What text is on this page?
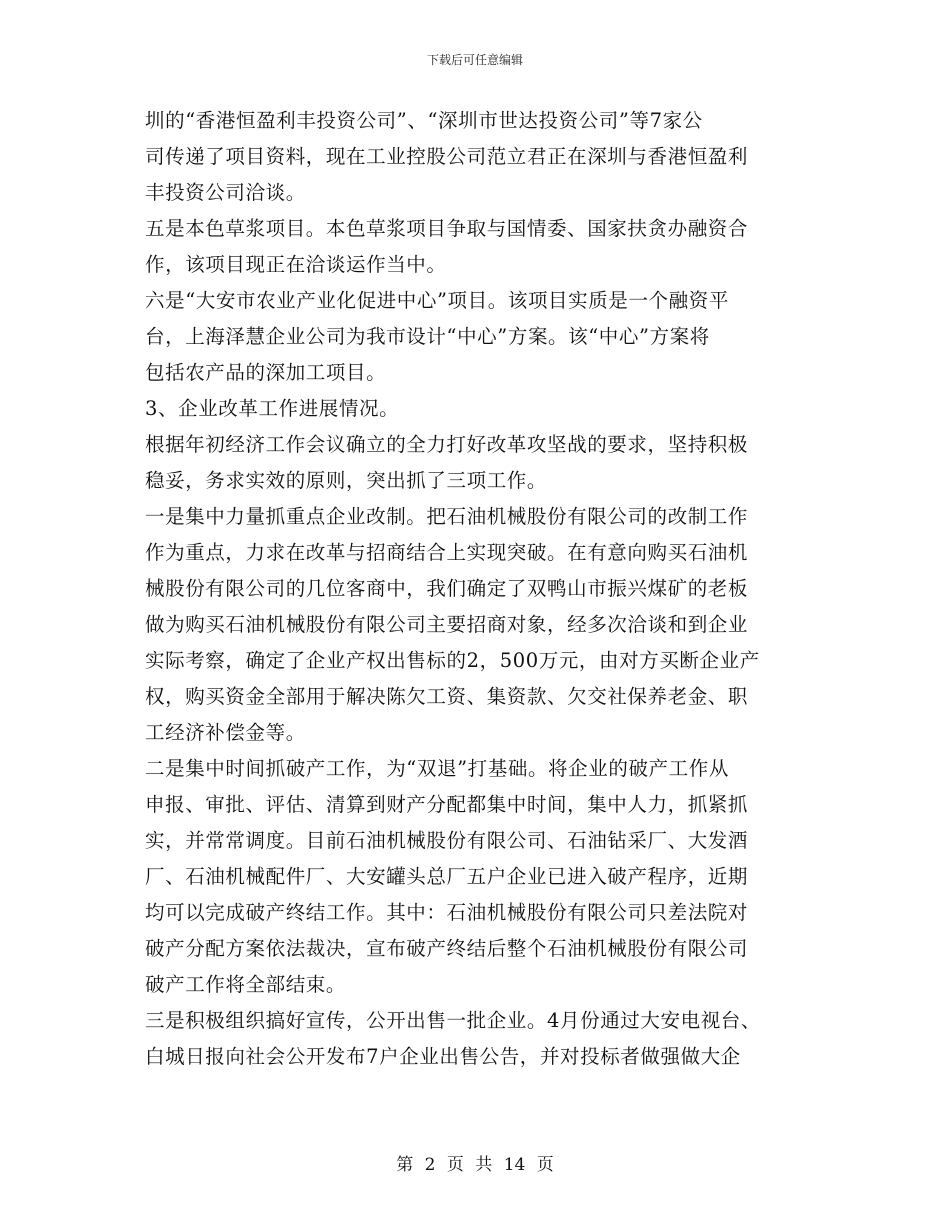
下载后可任意编辑
圳的“香港恒盈利丰投资公司”、“深圳市世达投资公司”等7家公
司传递了项目资料，现在工业控股公司范立君正在深圳与香港恒盈利
丰投资公司洽谈。
五是本色草浆项目。本色草浆项目争取与国情委、国家扶贪办融资合
作，该项目现正在洽谈运作当中。
六是“大安市农业产业化促进中心”项目。该项目实质是一个融资平
台，上海泽慧企业公司为我市设计“中心”方案。该“中心”方案将
包括农产品的深加工项目。
3、企业改革工作进展情况。
根据年初经济工作会议确立的全力打好改革攻坚战的要求，坚持积极
稳妥，务求实效的原则，突出抓了三项工作。
一是集中力量抓重点企业改制。把石油机械股份有限公司的改制工作
作为重点，力求在改革与招商结合上实现突破。在有意向购买石油机
械股份有限公司的几位客商中，我们确定了双鸭山市振兴煤矿的老板
做为购买石油机械股份有限公司主要招商对象，经多次洽谈和到企业
实际考察，确定了企业产权出售标的2，500万元，由对方买断企业产
权，购买资金全部用于解决陈欠工资、集资款、欠交社保养老金、职
工经济补偿金等。
二是集中时间抓破产工作，为“双退”打基础。将企业的破产工作从
申报、审批、评估、清算到财产分配都集中时间，集中人力，抓紧抓
实，并常常调度。目前石油机械股份有限公司、石油钻采厂、大发酒
厂、石油机械配件厂、大安罐头总厂五户企业已进入破产程序，近期
均可以完成破产终结工作。其中：石油机械股份有限公司只差法院对
破产分配方案依法裁决，宣布破产终结后整个石油机械股份有限公司
破产工作将全部结束。
三是积极组织搞好宣传，公开出售一批企业。4月份通过大安电视台、
白城日报向社会公开发布7户企业出售公告，并对投标者做强做大企
第 2 页 共 14 页
